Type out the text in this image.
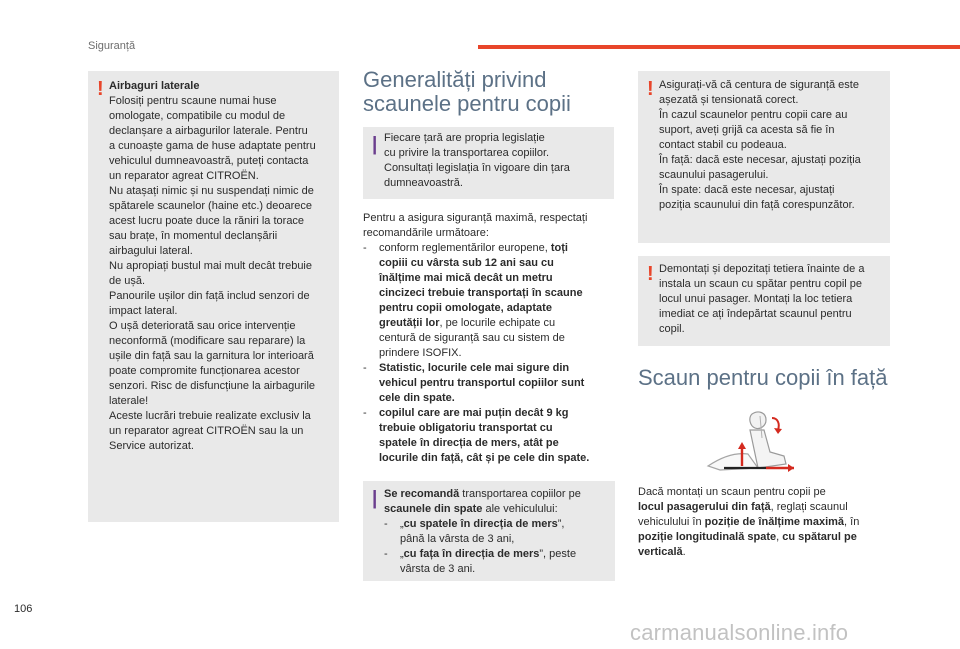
Siguranță
! Airbaguri laterale
Folosiți pentru scaune numai huse
omologate, compatibile cu modul de
declanșare a airbagurilor laterale. Pentru
a cunoaște gama de huse adaptate pentru
vehiculul dumneavoastră, puteți contacta
un reparator agreat CITROËN.
Nu atașați nimic și nu suspendați nimic de
spătarele scaunelor (haine etc.) deoarece
acest lucru poate duce la răniri la torace
sau brațe, în momentul declanșării
airbagului lateral.
Nu apropiați bustul mai mult decât trebuie
de ușă.
Panourile ușilor din față includ senzori de
impact lateral.
O ușă deteriorată sau orice intervenție
neconformă (modificare sau reparare) la
ușile din față sau la garnitura lor interioară
poate compromite funcționarea acestor
senzori. Risc de disfuncțiune la airbagurile
laterale!
Aceste lucrări trebuie realizate exclusiv la
un reparator agreat CITROËN sau la un
Service autorizat.
Generalități privind
scaunele pentru copii
| Fiecare țară are propria legislație
cu privire la transportarea copiilor.
Consultați legislația în vigoare din țara
dumneavoastră.
Pentru a asigura siguranță maximă, respectați
recomandările următoare:
-	conform reglementărilor europene, toți
copiii cu vârsta sub 12 ani sau cu
înălțime mai mică decât un metru
cincizeci trebuie transportați în scaune
pentru copii omologate, adaptate
greutății lor, pe locurile echipate cu
centură de siguranță sau cu sistem de
prindere ISOFIX.
-	Statistic, locurile cele mai sigure din
vehicul pentru transportul copiilor sunt
cele din spate.
-	copilul care are mai puțin decât 9 kg
trebuie obligatoriu transportat cu
spatele în direcția de mers, atât pe
locurile din față, cât și pe cele din spate.
| Se recomandă transportarea copiilor pe
scaunele din spate ale vehiculului:
-	„cu spatele în direcția de mers”,
până la vârsta de 3 ani,
-	„cu fața în direcția de mers”, peste
vârsta de 3 ani.
! Asigurați-vă că centura de siguranță este
așezată și tensionată corect.
În cazul scaunelor pentru copii care au
suport, aveți grijă ca acesta să fie în
contact stabil cu podeaua.
În față: dacă este necesar, ajustați poziția
scaunului pasagerului.
În spate: dacă este necesar, ajustați
poziția scaunului din față corespunzător.
! Demontați și depozitați tetiera înainte de a
instala un scaun cu spătar pentru copil pe
locul unui pasager. Montați la loc tetiera
imediat ce ați îndepărtat scaunul pentru
copil.
Scaun pentru copii în față
Dacă montați un scaun pentru copii pe
locul pasagerului din față, reglați scaunul
vehiculului în poziție de înălțime maximă, în
poziție longitudinală spate, cu spătarul pe
verticală.
106
carmanualsonline.info
